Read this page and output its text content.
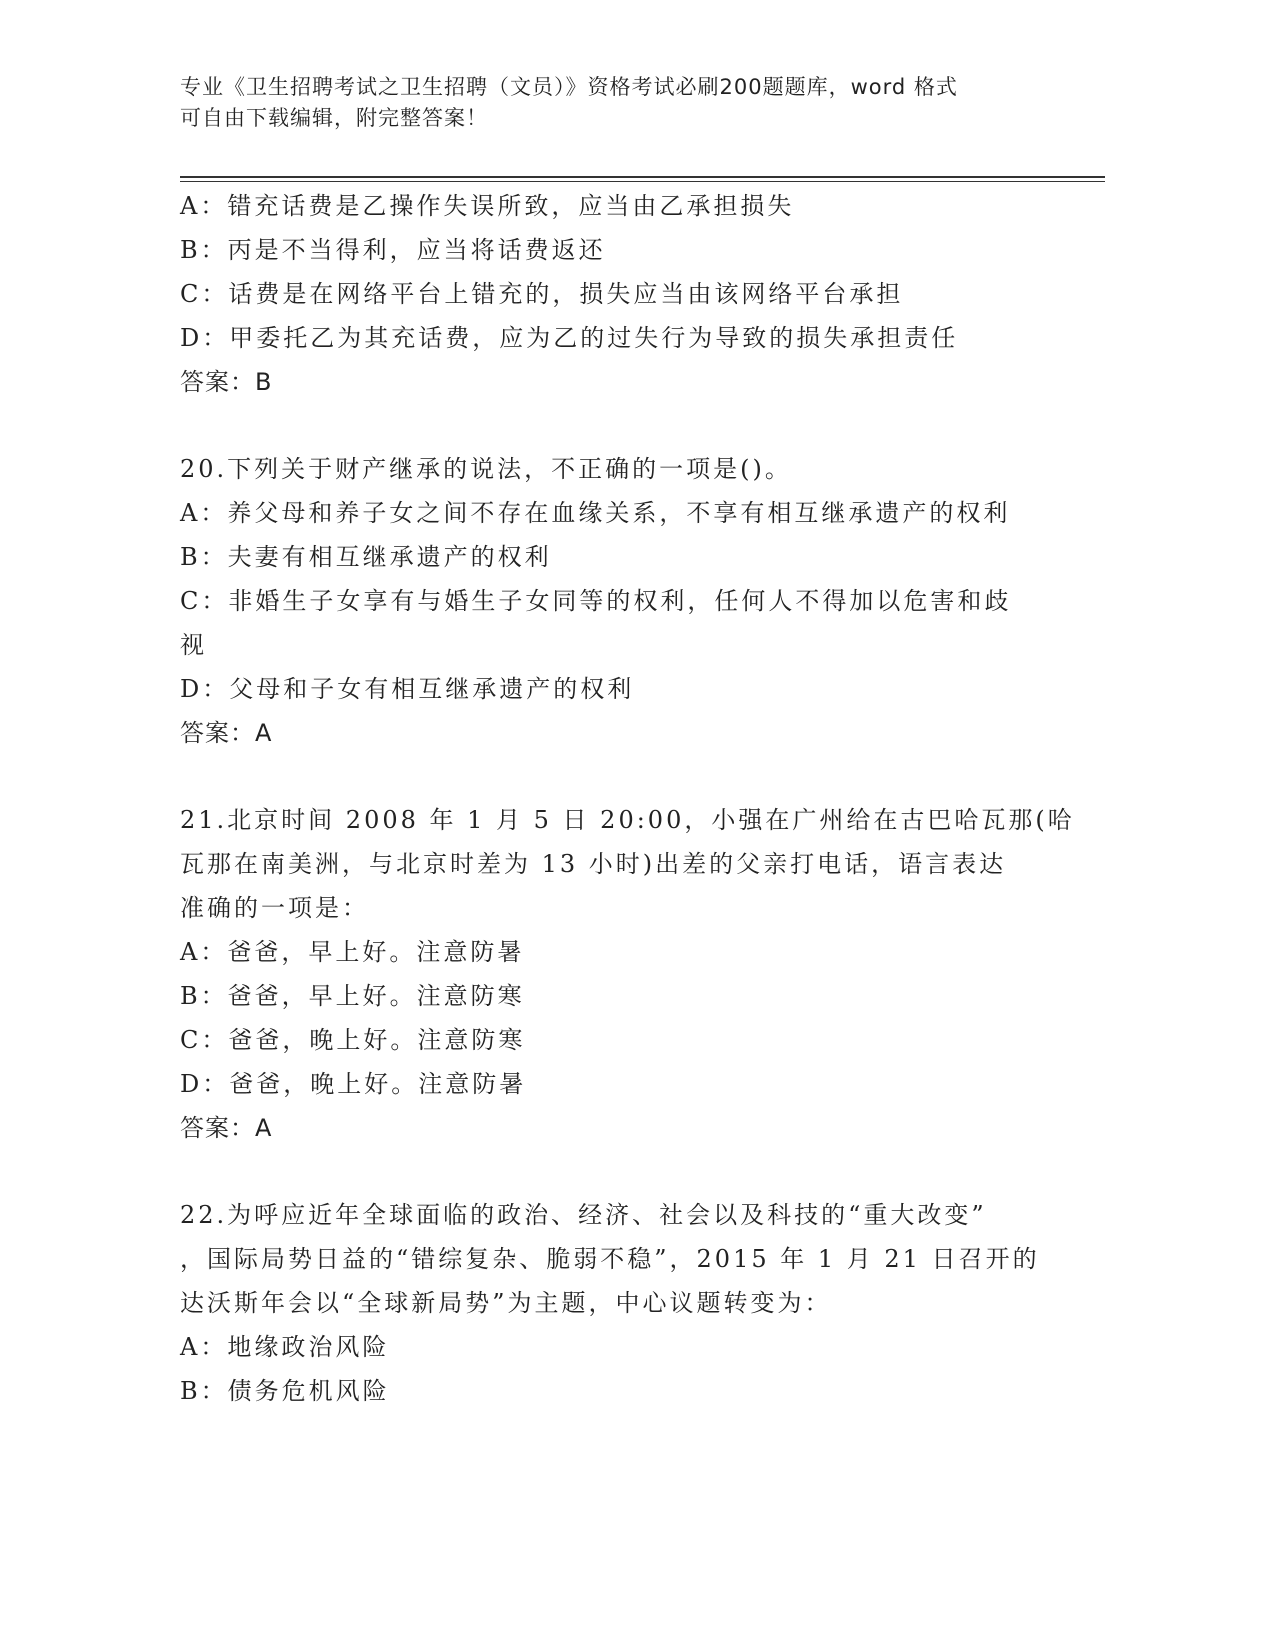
专业《卫生招聘考试之卫生招聘（文员）》资格考试必刷200题题库，word 格式
可自由下载编辑，附完整答案！
A：错充话费是乙操作失误所致，应当由乙承担损失
B：丙是不当得利，应当将话费返还
C：话费是在网络平台上错充的，损失应当由该网络平台承担
D：甲委托乙为其充话费，应为乙的过失行为导致的损失承担责任
答案：B
20.下列关于财产继承的说法，不正确的一项是()。
A：养父母和养子女之间不存在血缘关系，不享有相互继承遗产的权利
B：夫妻有相互继承遗产的权利
C：非婚生子女享有与婚生子女同等的权利，任何人不得加以危害和歧
视
D：父母和子女有相互继承遗产的权利
答案：A
21.北京时间 2008 年 1 月 5 日 20:00，小强在广州给在古巴哈瓦那(哈
瓦那在南美洲，与北京时差为 13 小时)出差的父亲打电话，语言表达
准确的一项是：
A：爸爸，早上好。注意防暑
B：爸爸，早上好。注意防寒
C：爸爸，晚上好。注意防寒
D：爸爸，晚上好。注意防暑
答案：A
22.为呼应近年全球面临的政治、经济、社会以及科技的“重大改变”
，国际局势日益的“错综复杂、脆弱不稳”，2015 年 1 月 21 日召开的
达沃斯年会以“全球新局势”为主题，中心议题转变为：
A：地缘政治风险
B：债务危机风险
